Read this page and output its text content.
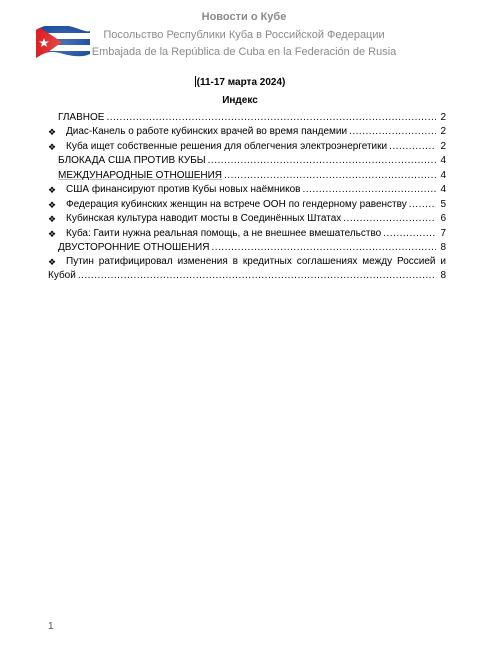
Новости о Кубе
Посольство Республики Куба в Российской Федерации
Embajada de la República de Cuba en la Federación de Rusia
(11-17 марта 2024)
Индекс
ГЛАВНОЕ .....	2
❖ Диас-Канель о работе кубинских врачей во время пандемии .....	2
❖ Куба ищет собственные решения для облегчения электроэнергетики .....	2
БЛОКАДА США ПРОТИВ КУБЫ .....	4
МЕЖДУНАРОДНЫЕ ОТНОШЕНИЯ .....	4
❖ США финансируют против Кубы новых наёмников .....	4
❖ Федерация кубинских женщин на встрече ООН по гендерному равенству .....	5
❖ Кубинская культура наводит мосты в Соединённых Штатах .....	6
❖ Куба: Гаити нужна реальная помощь, а не внешнее вмешательство .....	7
ДВУСТОРОННИЕ ОТНОШЕНИЯ .....	8
❖ Путин ратифицировал изменения в кредитных соглашениях между Россией и
Кубой .....	8
1
